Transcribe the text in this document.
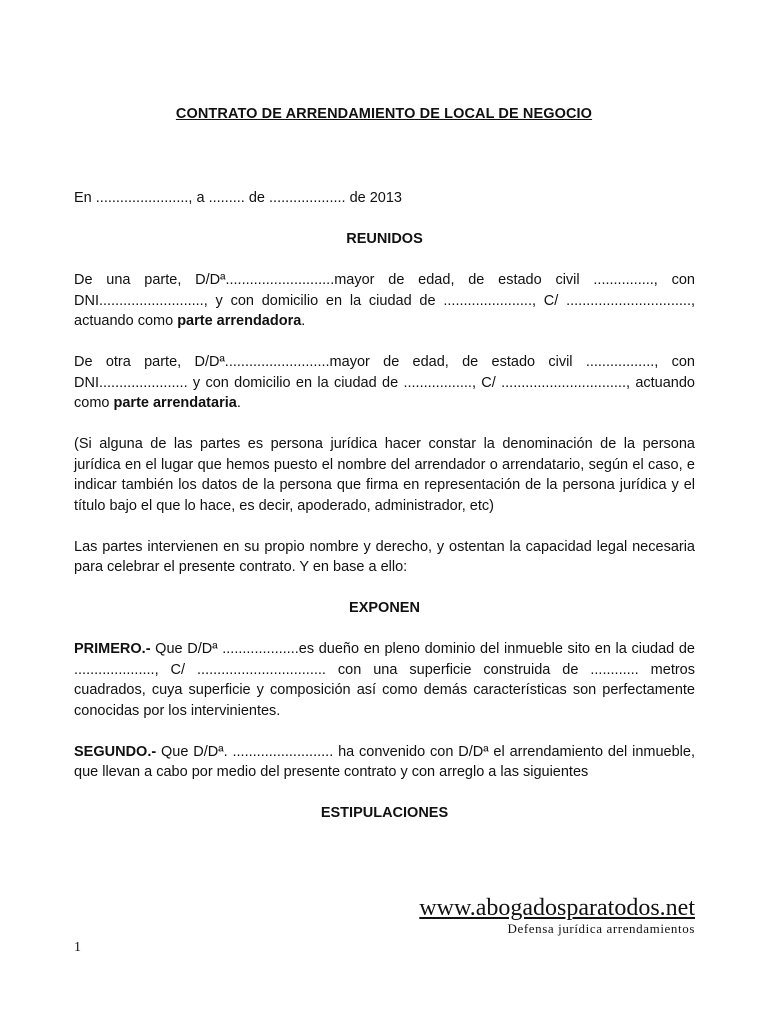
CONTRATO DE ARRENDAMIENTO DE LOCAL DE NEGOCIO

En ......................., a ......... de ................... de 2013

REUNIDOS

De una parte, D/Dª...........................mayor de edad, de estado civil ..............., con DNI.........................., y con domicilio en la ciudad de ......................, C/ ..............................., actuando como parte arrendadora.

De otra parte, D/Dª..........................mayor de edad, de estado civil ................., con DNI...................... y con domicilio en la ciudad de ................., C/ ..............................., actuando como parte arrendataria.

(Si alguna de las partes es persona jurídica hacer constar la denominación de la persona jurídica en el lugar que hemos puesto el nombre del arrendador o arrendatario, según el caso, e indicar también los datos de la persona que firma en representación de la persona jurídica y el título bajo el que lo hace, es decir, apoderado, administrador, etc)

Las partes intervienen en su propio nombre y derecho, y ostentan la capacidad legal necesaria para celebrar el presente contrato. Y en base a ello:

EXPONEN

PRIMERO.- Que D/Dª ...................es dueño en pleno dominio del inmueble sito en la ciudad de ...................., C/ ................................ con una superficie construida de ............ metros cuadrados, cuya superficie y composición así como demás características son perfectamente conocidas por los intervinientes.

SEGUNDO.- Que D/Dª. ......................... ha convenido con D/Dª el arrendamiento del inmueble, que llevan a cabo por medio del presente contrato y con arreglo a las siguientes

ESTIPULACIONES
www.abogadosparatodos.net
Defensa jurídica arrendamientos
1
